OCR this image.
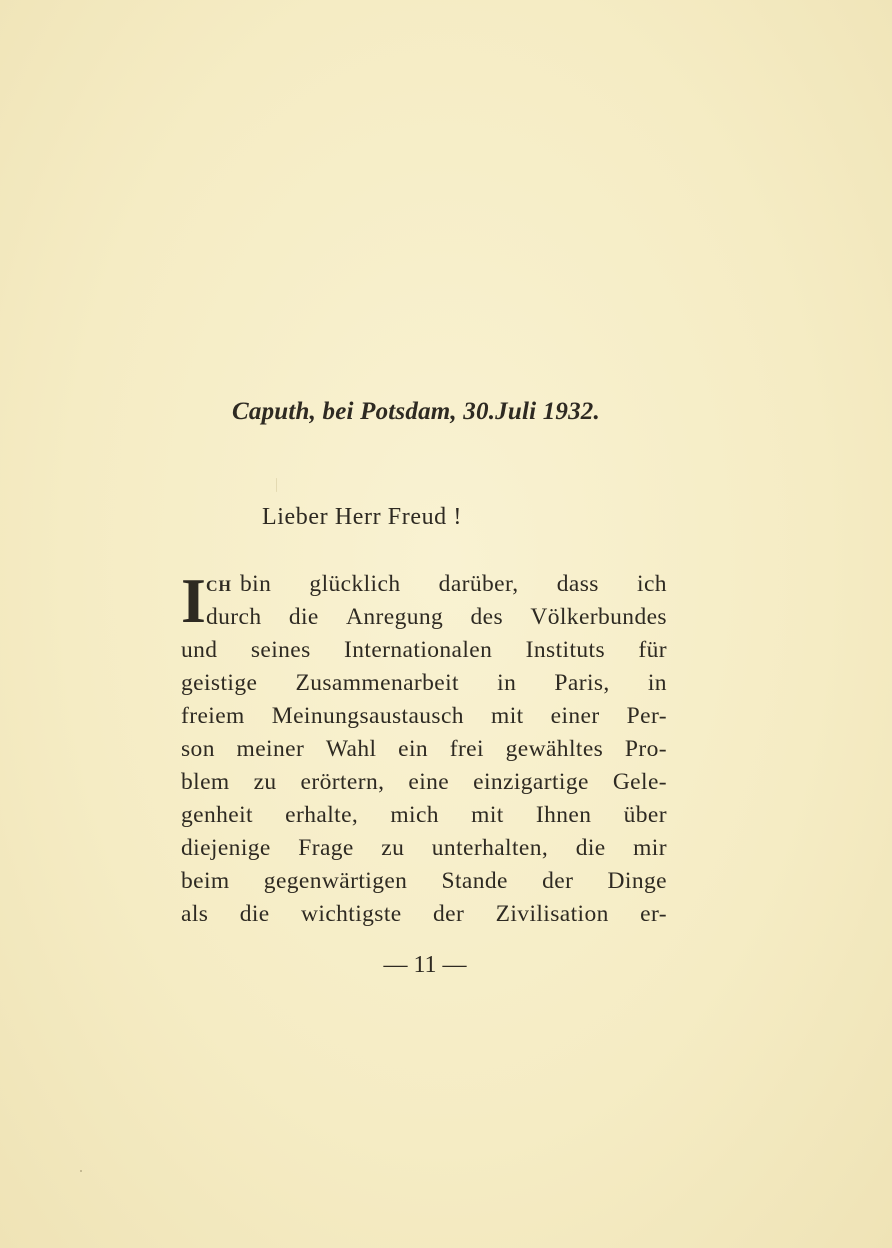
Caputh, bei Potsdam, 30.Juli 1932.
Lieber Herr Freud !
I CH bin glücklich darüber, dass ich
durch die Anregung des Völkerbundes
und seines Internationalen Instituts für
geistige Zusammenarbeit in Paris, in
freiem Meinungsaustausch mit einer Per-
son meiner Wahl ein frei gewähltes Pro-
blem zu erörtern, eine einzigartige Gele-
genheit erhalte, mich mit Ihnen über
diejenige Frage zu unterhalten, die mir
beim gegenwärtigen Stande der Dinge
als die wichtigste der Zivilisation er-
— 11 —
